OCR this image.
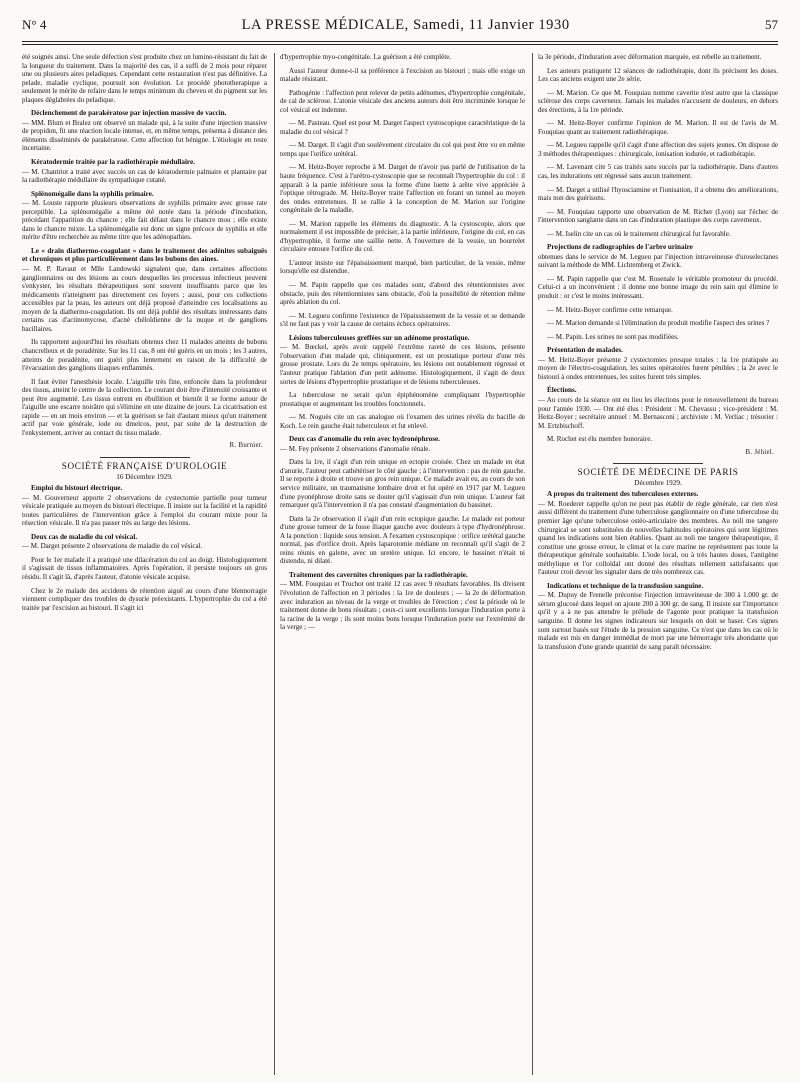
N° 4	LA PRESSE MÉDICALE, Samedi, 11 Janvier 1930	57

été soignés ainsi. Une seule défection s'est produite chez un lumino-résistant du fait de la longueur du traitement. Dans la majorité des cas, il a suffi de 2 mois pour réparer une ou plusieurs aires peladiques. Cependant cette restauration n'est pas définitive. La pelade, maladie cyclique, poursuit son évolution. Le procédé phototherapique a seulement le mérite de refaire dans le temps minimum du cheveu et du pigment sur les plaques déglabrées du peladique.

Déclenchement de parakératose par injection massive de vaccin.

— MM. Blum et Bralez ont observé un malade qui, à la suite d'une injection massive de propidon, fit une réaction locale intense, et, en même temps, présenta à distance des éléments disséminés de parakératose. Cette affection fut bénigne. L'étiologie en reste incertaine.

Kératodermie traitée par la radiothérapie médullaire.

— M. Chantriot a traité avec succès un cas de kératodermie palmaire et plantaire par la radiothérapie médullaire du sympathique cutané.

Splénomégalie dans la syphilis primaire.

— M. Louste rapporte plusieurs observations de syphilis primaire avec grosse rate perceptible. La splénomégalie a même été notée dans la période d'incubation, précédant l'apparition du chancre ; elle fait défaut dans le chancre mou ; elle existe dans le chancre mixte. La splénomégalie est donc un signe précoce de syphilis et elle mérite d'être recherchée au même titre que les adénopathies.

Le « drain diathermo-coagulant » dans le traitement des adénites subaiguës et chroniques et plus particulièrement dans les bubons des aines.

— M. P. Ravaut et Mlle Landowski signalent que, dans certaines affections ganglionnaires ou des lésions au cours desquelles les processus infectieux peuvent s'enkyster, les résultats thérapeutiques sont souvent insuffisants parce que les médicaments n'atteignent pas directement ces foyers ; aussi, pour ces collections accessibles par la peau, les auteurs ont déjà proposé d'atteindre ces localisations au moyen de la diathermo-coagulation. Ils ont déjà publié des résultats intéressants dans certains cas d'actinomycose, d'acné chéloïdienne de la nuque et de ganglions bacillaires.

Ils rapportent aujourd'hui les résultats obtenus chez 11 malades atteints de bubons chancrelleux et de poradénite. Sur les 11 cas, 8 ont été guéris en un mois ; les 3 autres, atteints de poradénite, ont guéri plus lentement en raison de la difficulté de l'évacuation des ganglions iliaques enflammés.

Il faut éviter l'anesthésie locale. L'aiguille très fine, enfoncée dans la profondeur des tissus, atteint le centre de la collection. Le courant doit être d'intensité croissante et peut être augmenté. Les tissus entrent en ébullition et bientôt il se forme autour de l'aiguille une escarre noirâtre qui s'élimine en une dizaine de jours. La cicatrisation est rapide — en un mois environ — et la guérison se fait d'autant mieux qu'un traitement actif par voie générale, iode ou dmelcos, peut, par suite de la destruction de l'enkystement, arriver au contact du tissu malade.

R. Burnier.

SOCIÉTÉ FRANÇAISE D'UROLOGIE
16 Décembre 1929.
Emploi du bistouri électrique.

— M. Gouverneur apporte 2 observations de cystectomie partielle pour tumeur vésicale pratiquée au moyen du bistouri électrique. Il insiste sur la facilité et la rapidité toutes particulières de l'intervention grâce à l'emploi du courant mixte pour la résection vésicale. Il n'a pas passer très au large des lésions.

Deux cas de maladie du col vésical.

— M. Darget présente 2 observations de maladie du col vésical.

Pour le 1er malade il a pratiqué une dilacération du col au doigt. Histologiquement il s'agissait de tissus inflammatoires. Après l'opération, il persiste toujours un gros résidu. Il s'agit là, d'après l'auteur, d'atonie vésicale acquise.

Chez le 2e malade des accidents de rétention aiguë au cours d'une blennorragie viennent compliquer des troubles de dysurie préexistants. L'hypertrophie du col a été traitée par l'excision au bistouri. Il s'agit ici

d'hypertrophie myo-congénitale. La guérison a été complète.

Aussi l'auteur donne-t-il sa préférence à l'excision au bistouri ; mais elle exige un malade résistant.

Pathogénie : l'affection peut relever de petits adénomes, d'hypertrophie congénitale, de cal de sclérose. L'atonie vésicale des anciens auteurs doit être incriminée lorsque le col vésical est indemne.

— M. Pasteau. Quel est pour M. Darget l'aspect cystoscopique caractéristique de la maladie du col vésical ?

— M. Darget. Il s'agit d'un soulèvement circulaire du col qui peut être vu en même temps que l'orifice urétéral.

— M. Heitz-Boyer reproche à M. Darget de n'avoir pas parlé de l'utilisation de la haute fréquence. C'est à l'urétro-cystoscopie que se reconnaît l'hypertrophie du col : il apparaît à la partie inférieure sous la forme d'une luette à arête vive appréciée à l'optique rétrograde. M. Heitz-Boyer traite l'affection en forant un tunnel au moyen des ondes entretenues. Il se rallie à la conception de M. Marion sur l'origine congénitale de la maladie.

— M. Marion rappelle les éléments du diagnostic. A la cystoscopie, alors que normalement il est impossible de préciser, à la partie inférieure, l'origine du col, en cas d'hypertrophie, il forme une saillie nette. A l'ouverture de la vessie, un bourrelet circulaire entoure l'orifice du col.

L'auteur insiste sur l'épaississement marqué, bien particulier, de la vessie, même lorsqu'elle est distendue.

— M. Papin rappelle que ces malades sont, d'abord des rétentionnistes avec obstacle, puis des rétentionnistes sans obstacle, d'où la possibilité de rétention même après ablation du col.

— M. Legueu confirme l'existence de l'épaississement de la vessie et se demande s'il ne faut pas y voir la cause de certains échecs opératoires.

Lésions tuberculeuses greffées sur un adénome prostatique.

— M. Bœckel, après avoir rappelé l'extrême rareté de ces lésions, présente l'observation d'un malade qui, cliniquement, est un prostatique porteur d'une très grosse prostate. Lors du 2e temps opératoire, les lésions ont notablement régressé et l'auteur pratique l'ablation d'un petit adénome. Histologiquement, il s'agit de deux sortes de lésions d'hypertrophie prostatique et de lésions tuberculeuses.

La tuberculose ne serait qu'un épiphénomène compliquant l'hypertrophie prostatique et augmentant les troubles fonctionnels.

— M. Noguès cite un cas analogue où l'examen des urines révéla du bacille de Koch. Le rein gauche était tuberculeux et fut enlevé.

Deux cas d'anomalie du rein avec hydronéphrose.

— M. Fey présente 2 observations d'anomalie rénale.

Dans la 1re, il s'agit d'un rein unique en ectopie croisée. Chez un malade en état d'anurie, l'auteur peut cathétériser le côté gauche ; à l'intervention : pas de rein gauche. Il se reporte à droite et trouve un gros rein unique. Ce malade avait eu, au cours de son service militaire, un traumatisme lombaire droit et fut opéré en 1917 par M. Legueu d'une pyonéphrose droite sans se douter qu'il s'agissait d'un rein unique. L'auteur fait remarquer qu'à l'intervention il n'a pas constaté d'augmentation du bassinet.

Dans la 2e observation il s'agit d'un rein ectopique gauche. Le malade est porteur d'une grosse tumeur de la fosse iliaque gauche avec douleurs à type d'hydronéphrose. A la ponction : liquide sous tension. A l'examen cystoscopique : orifice urétéral gauche normal, pas d'orifice droit. Après laparotomie médiane on reconnaît qu'il s'agit de 2 reins réunis en galette, avec un uretère unique. Ici encore, le bassinet n'était ni distendu, ni dilaté.

Traitement des cavernites chroniques par la radiothérapie.

— MM. Fouquiau et Truchot ont traité 12 cas avec 9 résultats favorables. Ils divisent l'évolution de l'affection en 3 périodes : la 1re de douleurs ; — la 2e de déformation avec induration au niveau de la verge et troubles de l'érection ; c'est la période où le traitement donne de bons résultats ; ceux-ci sont excellents lorsque l'induration porte à la racine de la verge ; ils sont moins bons lorsque l'induration porte sur l'extrémité de la verge ; —

la 3e période, d'induration avec déformation marquée, est rebelle au traitement.

Les auteurs pratiquent 12 séances de radiothérapie, dont ils précisent les doses. Les cas anciens exigent une 2e série.

— M. Marion. Ce que M. Fouquiau nomme caverite n'est autre que la classique sclérose des corps caverneux. Jamais les malades n'accusent de douleurs, en dehors des érections, à la 1re période.

— M. Heitz-Boyer confirme l'opinion de M. Marion. Il est de l'avis de M. Fouquiau quant au traitement radiothérapique.

— M. Legueu rappelle qu'il s'agit d'une affection des sujets jeunes. On dispose de 3 méthodes thérapeutiques : chirurgicale, ionisation iodurée, et radiothérapie.

— M. Lavenant cite 5 cas traités sans succès par la radiothérapie. Dans d'autres cas, les indurations ont régressé sans aucun traitement.

— M. Darget a utilisé l'hyosciamine et l'ionisation, il a obtenu des améliorations, mais non des guérisons.

— M. Fouquiau rapporte une observation de M. Richer (Lyon) sur l'échec de l'intervention sanglante dans un cas d'induration plastique des corps caverneux.

— M. Iselin cite un cas où le traitement chirurgical fut favorable.

Projections de radiographies de l'arbre urinaire

obtenues dans le service de M. Legueu par l'injection intraveineuse d'uroselectanes suivant la méthode de MM. Lichtemberg et Zwick.

— M. Papin rappelle que c'est M. Rosenale le véritable promoteur du procédé. Celui-ci a un inconvénient : il donne une bonne image du rein sain qui élimine le produit : or c'est le moins intéressant.

— M. Heitz-Boyer confirme cette remarque.

— M. Marion demande si l'élimination du produit modifie l'aspect des urines ?

— M. Papin. Les urines ne sont pas modifiées.

Présentation de malades.

— M. Heitz-Boyer présente 2 cystectomies presque totales : la 1re pratiquée au moyen de l'électro-coagulation, les suites opératoires furent pénibles ; la 2e avec le bistouri à ondes entretenues, les suites furent très simples.

Élections.

— Au cours de la séance ont eu lieu les élections pour le renouvellement du bureau pour l'année 1930. — Ont été élus : Président : M. Chevassu ; vice-président : M. Heitz-Boyer ; secrétaire annuel : M. Bernasconi ; archiviste : M. Verliac ; trésorier : M. Ertzbischoff.

M. Rochet est élu membre honoraire.

B. Jéhiel.

SOCIÉTÉ DE MÉDECINE DE PARIS
Décembre 1929.
A propos du traitement des tuberculoses externes.

— M. Roederer rappelle qu'on ne peut pas établir de règle générale, car rien n'est aussi différent du traitement d'une tuberculose ganglionnaire ou d'une tuberculose du premier âge qu'une tuberculose ostéo-articulaire des membres. Au noli me tangere chirurgical se sont substituées de nouvelles habitudes opératoires qui sont légitimes quand les indications sont bien établies. Quant au noli me tangere thérapeutique, il constitue une grosse erreur, le climat et la cure marine ne représentent pas toute la thérapeutique générale souhaitable. L'iode local, ou à très hautes doses, l'antigène méthylique et l'or colloïdal ont donné des résultats tellement satisfaisants que l'auteur croit devoir les signaler dans de très nombreux cas.

Indications et technique de la transfusion sanguine.

— M. Dupuy de Frenelle préconise l'injection intraveineuse de 300 à 1.000 gr. de sérum glucosé dans lequel on ajoute 200 à 300 gr. de sang. Il insiste sur l'importance qu'il y a à ne pas attendre le prélude de l'agonie pour pratiquer la transfusion sanguine. Il donne les signes indicateurs sur lesquels on doit se baser. Ces signes sont surtout basés sur l'étude de la pression sanguine. Ce n'est que dans les cas où le malade est mis en danger immédiat de mort par une hémorragie très abondante que la transfusion d'une grande quantité de sang paraît nécessaire.
